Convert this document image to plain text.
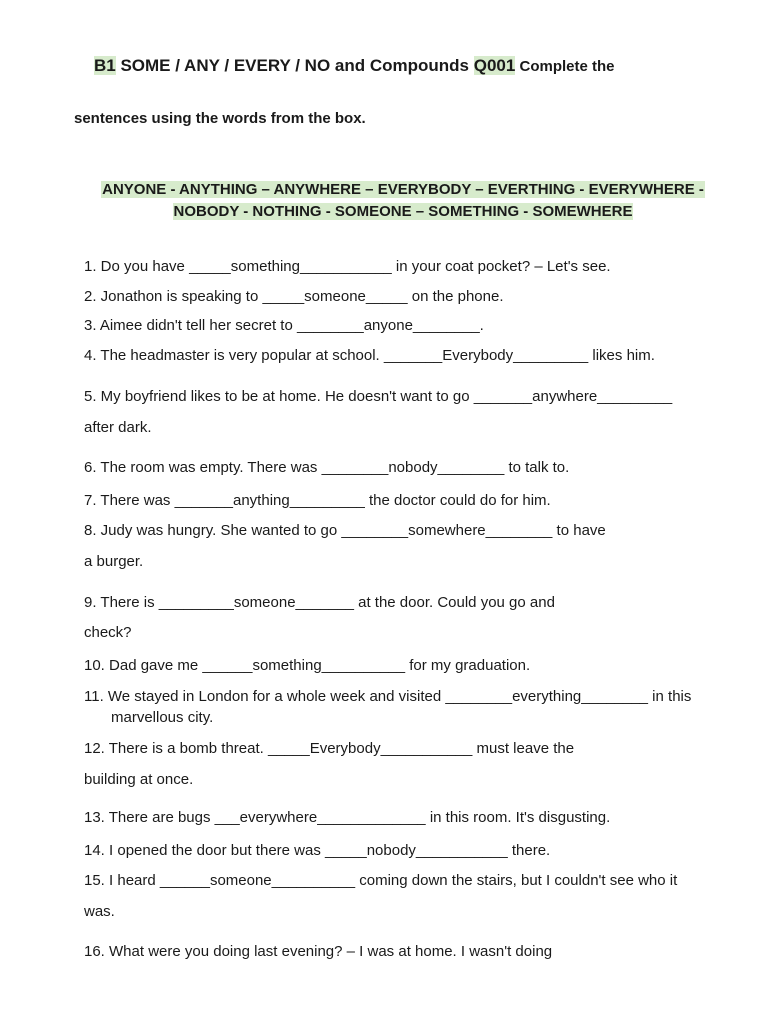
B1 SOME / ANY / EVERY / NO and Compounds Q001 Complete the
sentences using the words from the box.
ANYONE - ANYTHING – ANYWHERE – EVERYBODY – EVERTHING - EVERYWHERE -
NOBODY - NOTHING - SOMEONE – SOMETHING - SOMEWHERE
1. Do you have _____something___________ in your coat pocket? – Let's see.
2. Jonathon is speaking to _____someone_____ on the phone.
3. Aimee didn't tell her secret to ________anyone________.
4. The headmaster is very popular at school. _______Everybody_________ likes him.
5. My boyfriend likes to be at home. He doesn't want to go _______anywhere_________
after dark.
6. The room was empty. There was ________nobody________ to talk to.
7. There was _______anything_________ the doctor could do for him.
8. Judy was hungry. She wanted to go ________somewhere________ to have
a burger.
9. There is _________someone_______ at the door. Could you go and
check?
10. Dad gave me ______something__________ for my graduation.
11. We stayed in London for a whole week and visited ________everything________ in this
marvellous city.
12. There is a bomb threat. _____Everybody___________ must leave the
building at once.
13. There are bugs ___everywhere_____________ in this room. It's disgusting.
14. I opened the door but there was _____nobody___________ there.
15. I heard ______someone__________ coming down the stairs, but I couldn't see who it
was.
16. What were you doing last evening? – I was at home. I wasn't doing
